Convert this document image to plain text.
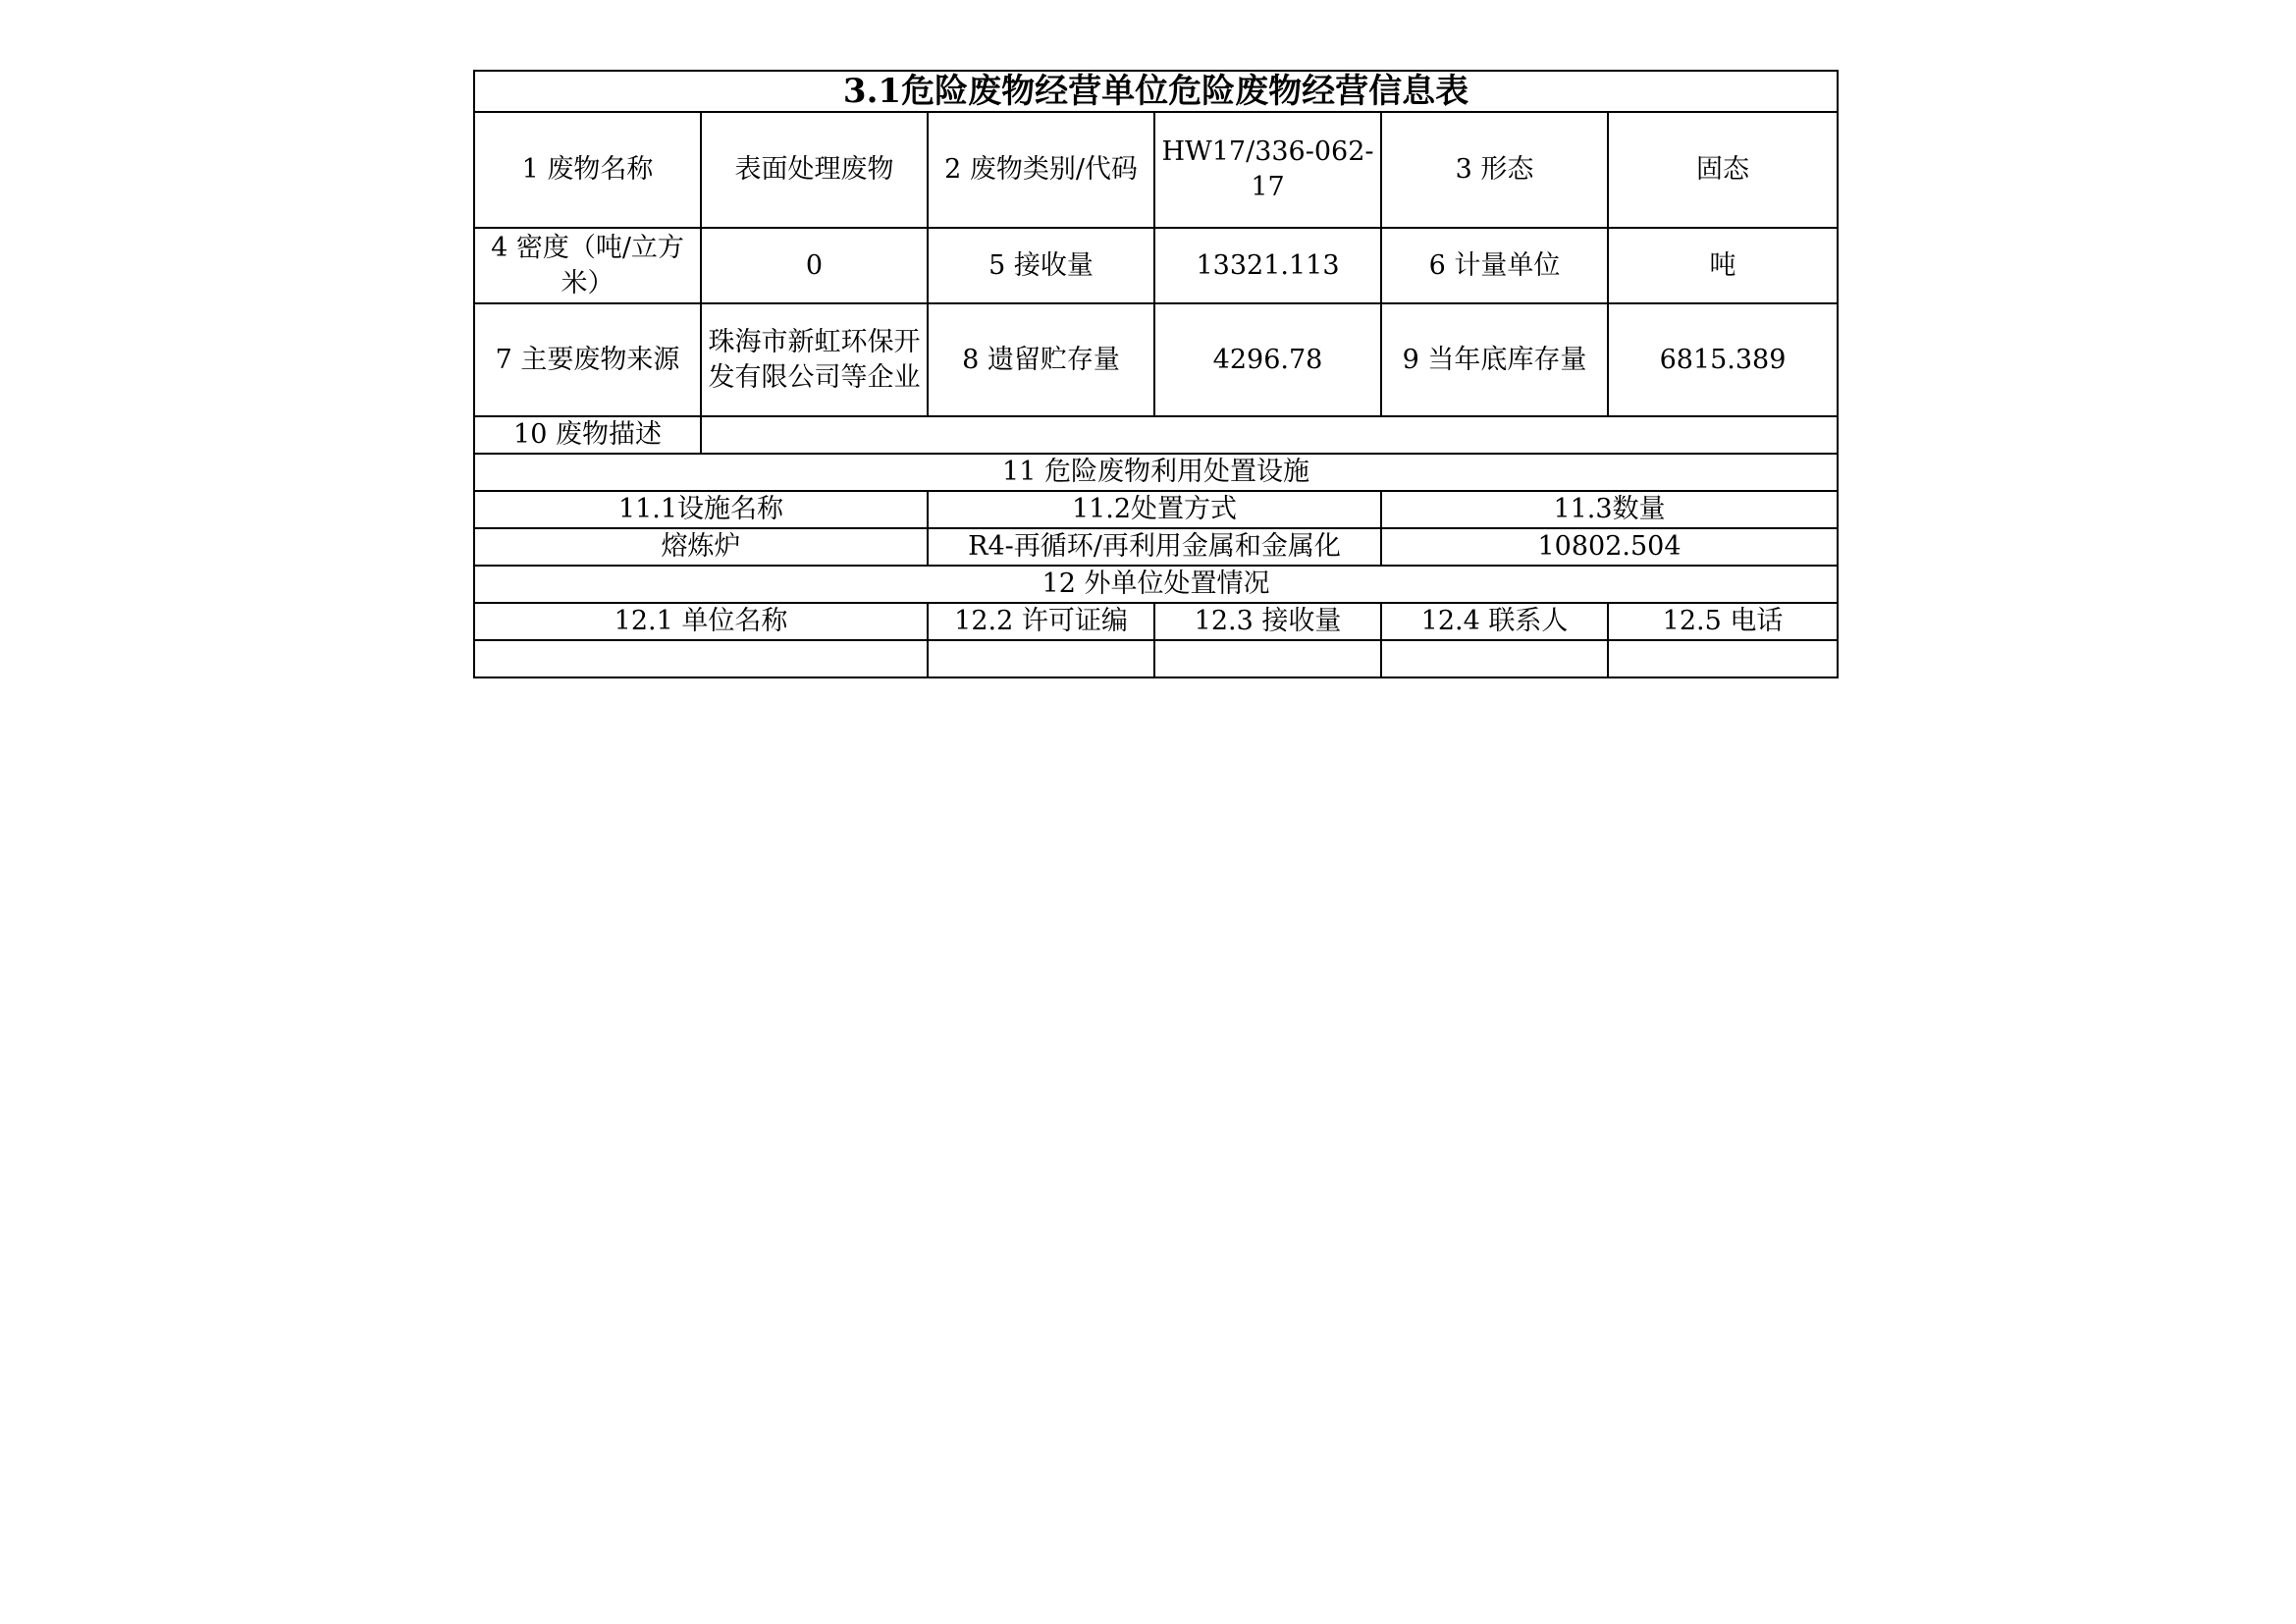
3.1危险废物经营单位危险废物经营信息表					
1 废物名称	表面处理废物	2 废物类别/代码	HW17/336-062-17	3 形态	固态
4 密度（吨/立方米）	0	5 接收量	13321.113	6 计量单位	吨
7 主要废物来源	珠海市新虹环保开发有限公司等企业	8 遗留贮存量	4296.78	9 当年底库存量	6815.389
10 废物描述					
11 危险废物利用处置设施					
11.1设施名称		11.2处置方式		11.3数量	
熔炼炉		R4-再循环/再利用金属和金属化		10802.504	
12 外单位处置情况					
12.1 单位名称		12.2 许可证编	12.3 接收量	12.4 联系人	12.5 电话
